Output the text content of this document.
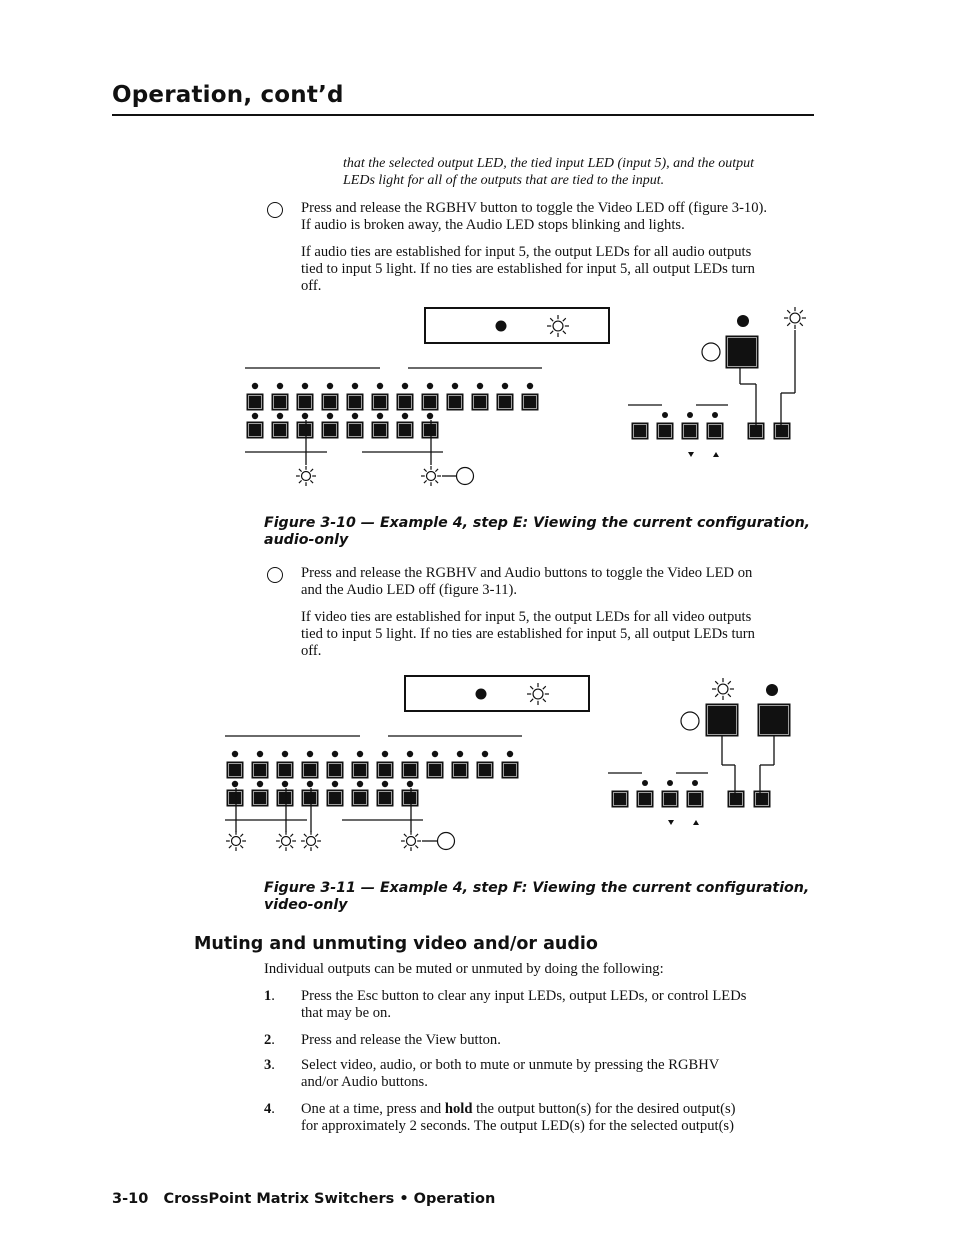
Operation, cont’d

that the selected output LED, the tied input LED (input 5), and the output

LEDs light for all of the outputs that are tied to the input.

Press and release the RGBHV button to toggle the Video LED off (figure 3-10).

If audio is broken away, the Audio LED stops blinking and lights.

If audio ties are established for input 5, the output LEDs for all audio outputs

tied to input 5 light. If no ties are established for input 5, all output LEDs turn

off.

Figure 3-10 — Example 4, step E: Viewing the current configuration,

audio-only

Press and release the RGBHV and Audio buttons to toggle the Video LED on

and the Audio LED off (figure 3-11).

If video ties are established for input 5, the output LEDs for all video outputs

tied to input 5 light. If no ties are established for input 5, all output LEDs turn

off.

Figure 3-11 — Example 4, step F: Viewing the current configuration,

video-only

Muting and unmuting video and/or audio

Individual outputs can be muted or unmuted by doing the following:

1. Press the Esc button to clear any input LEDs, output LEDs, or control LEDs

that may be on.

2. Press and release the View button.

3. Select video, audio, or both to mute or unmute by pressing the RGBHV

and/or Audio buttons.

4. One at a time, press and hold the output button(s) for the desired output(s)

for approximately 2 seconds. The output LED(s) for the selected output(s)

3-10 CrossPoint Matrix Switchers • Operation
